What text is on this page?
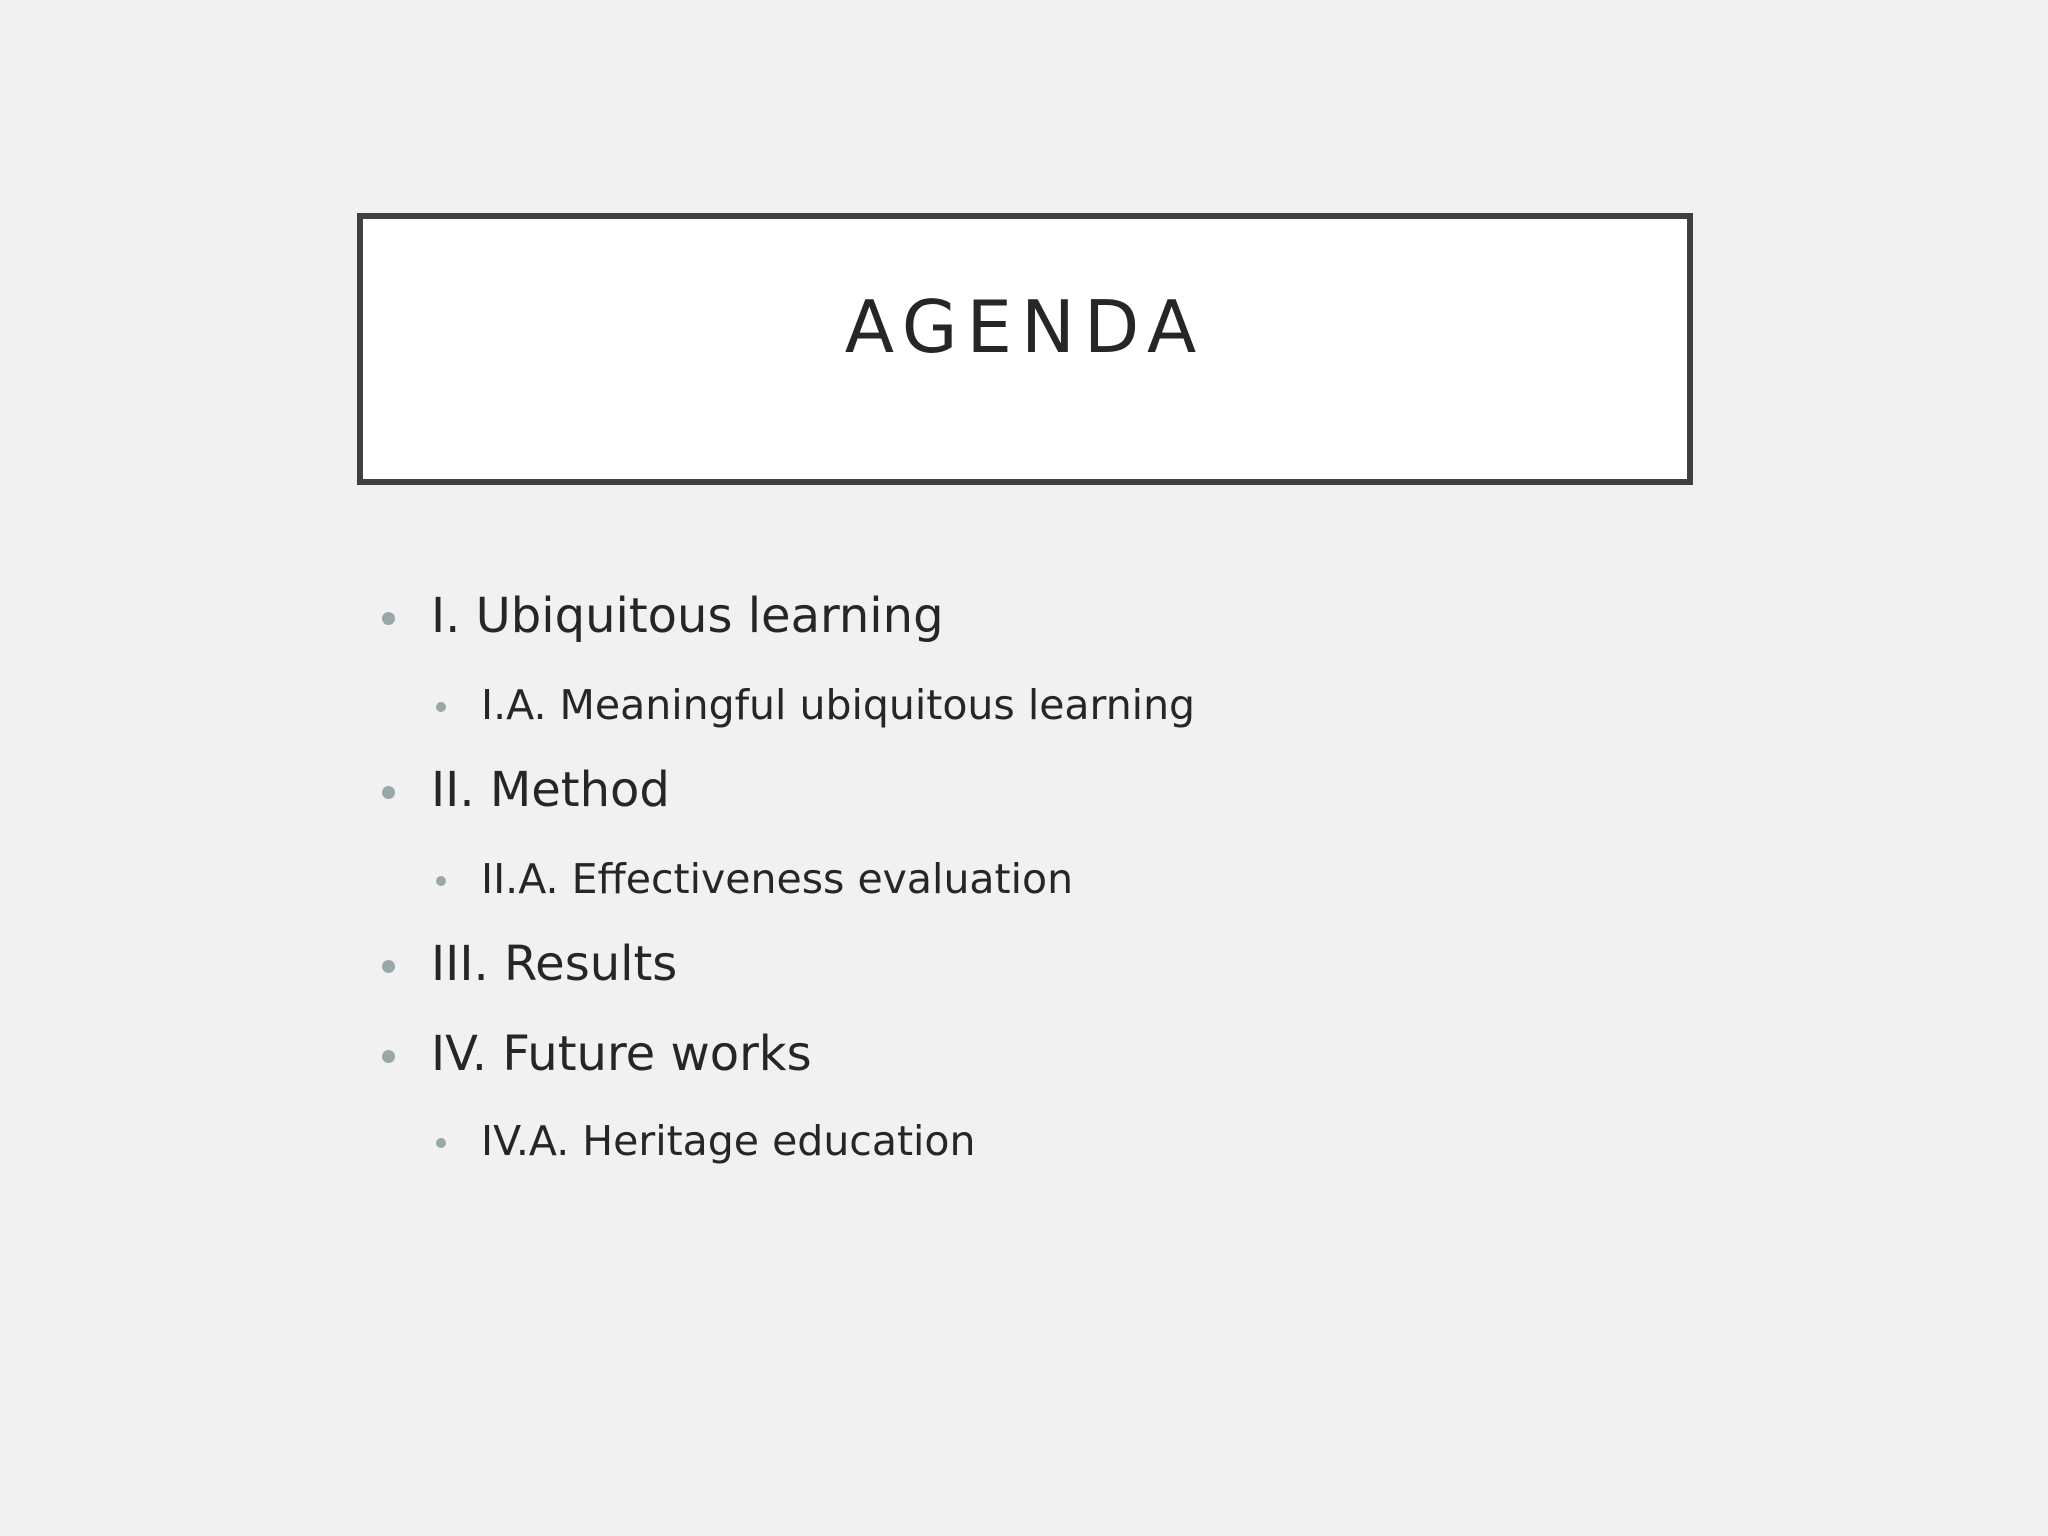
AGENDA
I. Ubiquitous learning
I.A. Meaningful ubiquitous learning
II. Method
II.A. Effectiveness evaluation
III. Results
IV. Future works
IV.A. Heritage education
